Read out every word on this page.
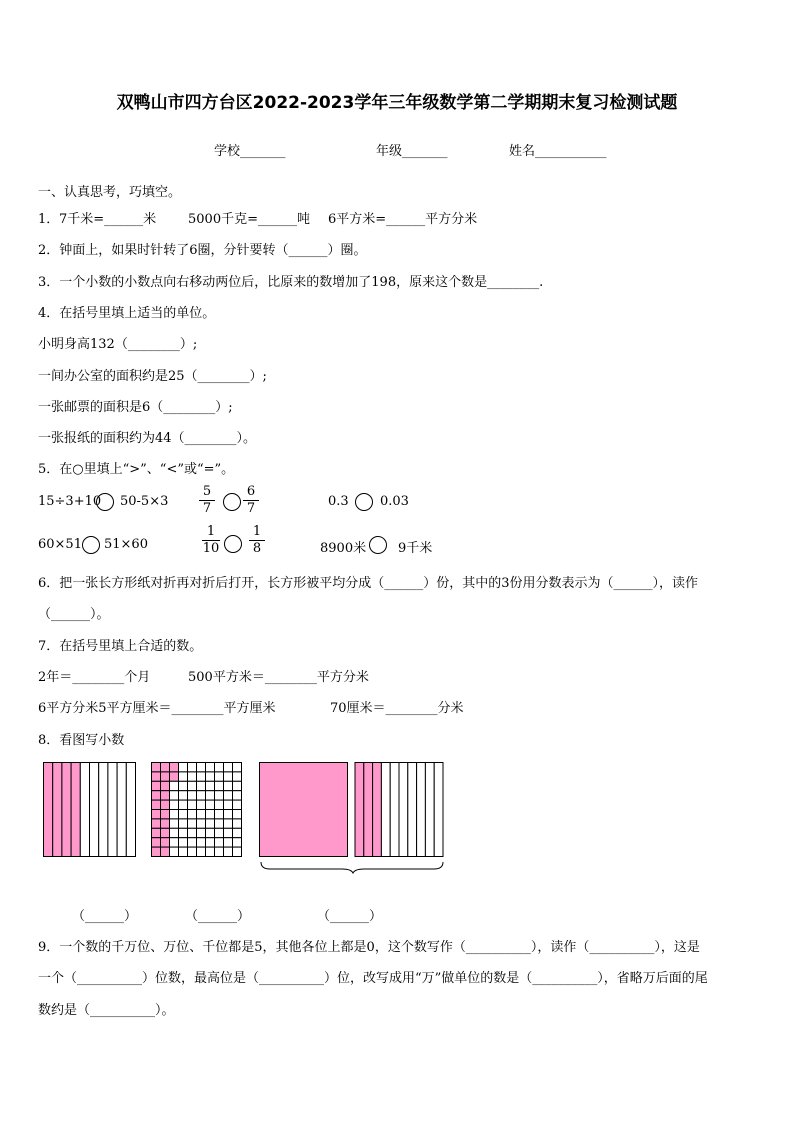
双鸭山市四方台区2022-2023学年三年级数学第二学期期末复习检测试题
学校_______	年级_______	姓名___________
一、认真思考，巧填空。
1． 7千米=______米 5000千克=______吨 6平方米=______平方分米
2．钟面上，如果时针转了6圈，分针要转（______）圈。
3．一个小数的小数点向右移动两位后，比原来的数增加了198，原来这个数是________.
4．在括号里填上适当的单位。
小明身高132（________）;
一间办公室的面积约是25（________）;
一张邮票的面积是6（________）;
一张报纸的面积约为44（________）。
5．在○里填上“>”、“<”或“=”。
15÷3+10 $50-5\times 3 \frac{5}{7} \frac{6}{7}$	0.3 0.03
60×51 51×60	$\frac{1}{10} \frac{1}{8}$	8900米 9千米
6．把一张长方形纸对折再对折后打开，长方形被平均分成（______）份，其中的3份用分数表示为（______），读作
（______）。
7．在括号里填上合适的数。
2年＝________个月	500平方米＝________平方分米
6平方分米5平方厘米＝________平方厘米	70厘米＝________分米
8．看图写小数
（______）	（______）	（______）
9．一个数的千万位、万位、千位都是5，其他各位上都是0，这个数写作（__________），读作（__________），这是
一个（__________）位数，最高位是（__________）位，改写成用“万”做单位的数是（__________），省略万后面的尾
数约是（__________）。
